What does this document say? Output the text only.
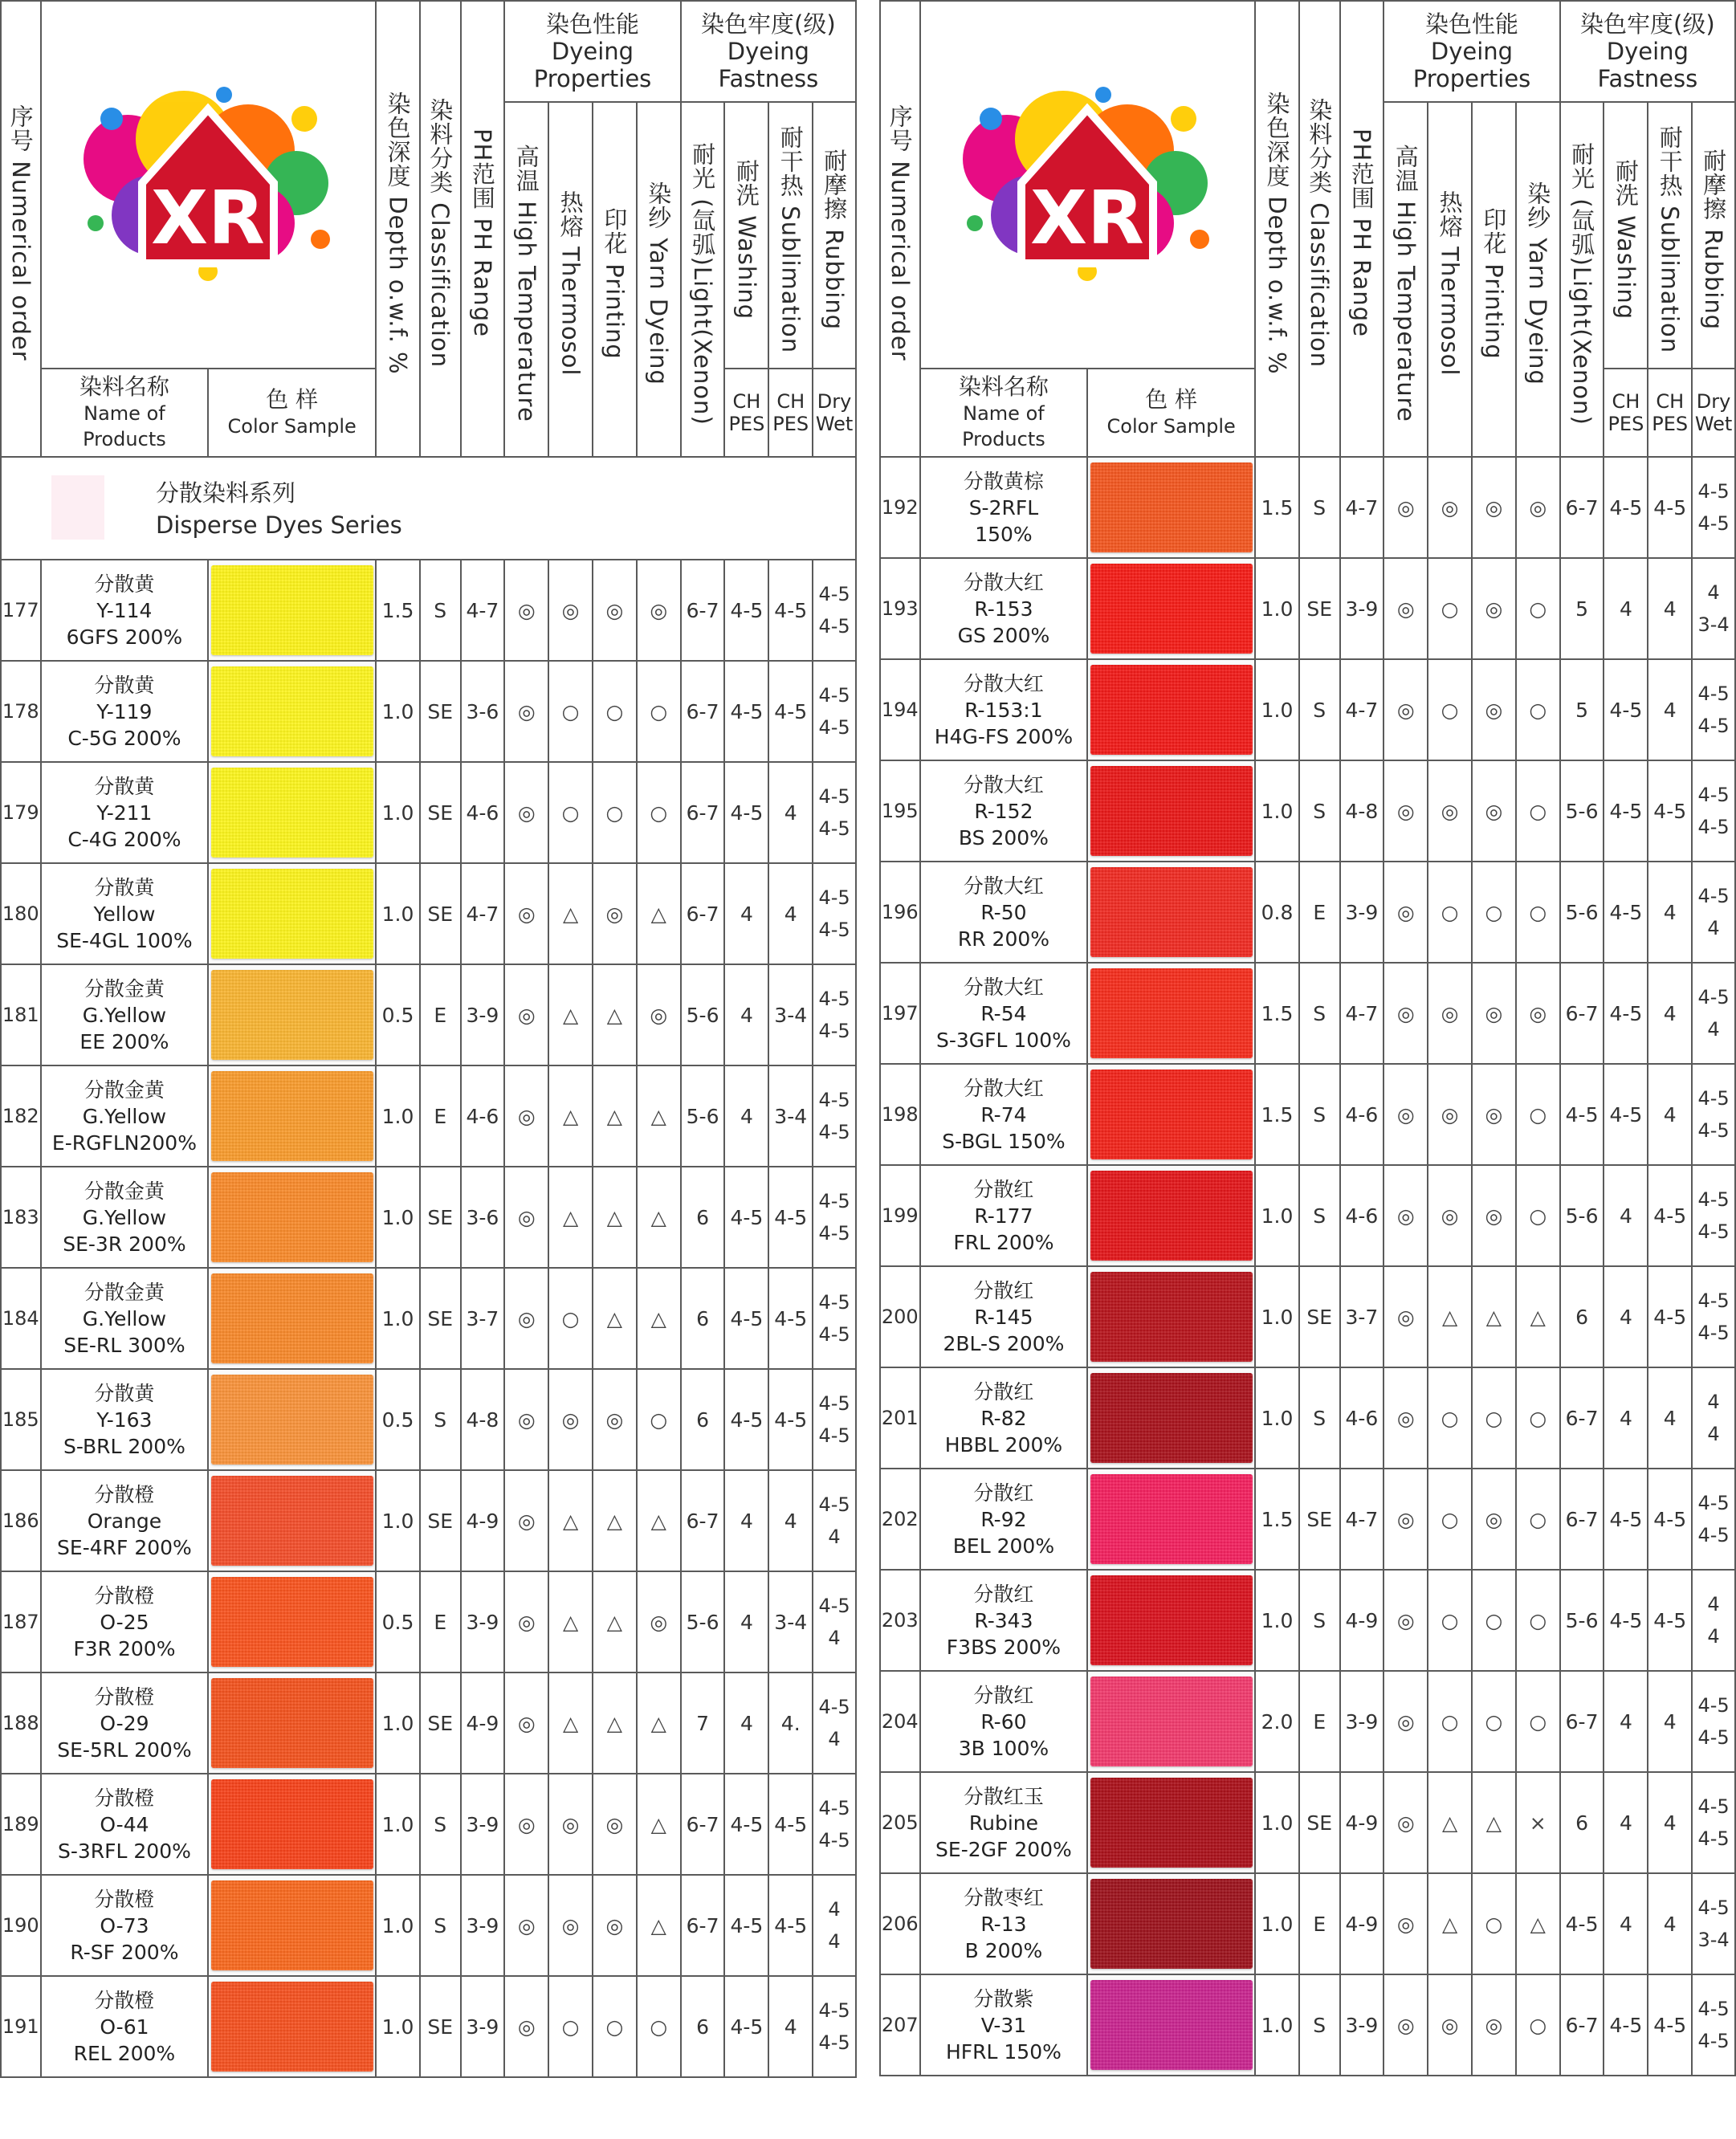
序号 Numerical order	XR		染色深度 Depth o.w.f. %	染料分类 Classification	PH范围 PH Range	染色性能
Dyeing
Properties				染色牢度(级)
Dyeing
Fastness			

						高温 High Temperature	热熔 Thermosol	印花 Printing	染纱 Yarn Dyeing	耐光 (氙弧)Light(Xenon)	耐洗 Washing	耐干热 Sublimation	耐摩擦 Rubbing

	染料名称
Name of Products	色 样
Color Sample									CH
PES	CH
PES	Dry
Wet

分散染料系列
Disperse Dyes Series													

177	分散黄
Y-114
6GFS 200%		1.5	S	4-7	◎	◎	◎	◎	6-7	4-5	4-5	4-5
4-5

178	分散黄
Y-119
C-5G 200%		1.0	SE	3-6	◎	○	○	○	6-7	4-5	4-5	4-5
4-5

179	分散黄
Y-211
C-4G 200%		1.0	SE	4-6	◎	○	○	○	6-7	4-5	4	4-5
4-5

180	分散黄
Yellow
SE-4GL 100%		1.0	SE	4-7	◎	△	◎	△	6-7	4	4	4-5
4-5

181	分散金黄
G.Yellow
EE 200%		0.5	E	3-9	◎	△	△	◎	5-6	4	3-4	4-5
4-5

182	分散金黄
G.Yellow
E-RGFLN200%		1.0	E	4-6	◎	△	△	△	5-6	4	3-4	4-5
4-5

183	分散金黄
G.Yellow
SE-3R 200%		1.0	SE	3-6	◎	△	△	△	6	4-5	4-5	4-5
4-5

184	分散金黄
G.Yellow
SE-RL 300%		1.0	SE	3-7	◎	○	△	△	6	4-5	4-5	4-5
4-5

185	分散黄
Y-163
S-BRL 200%		0.5	S	4-8	◎	◎	◎	○	6	4-5	4-5	4-5
4-5

186	分散橙
Orange
SE-4RF 200%		1.0	SE	4-9	◎	△	△	△	6-7	4	4	4-5
4

187	分散橙
O-25
F3R 200%		0.5	E	3-9	◎	△	△	◎	5-6	4	3-4	4-5
4

188	分散橙
O-29
SE-5RL 200%		1.0	SE	4-9	◎	△	△	△	7	4	4.	4-5
4

189	分散橙
O-44
S-3RFL 200%		1.0	S	3-9	◎	◎	◎	△	6-7	4-5	4-5	4-5
4-5

190	分散橙
O-73
R-SF 200%		1.0	S	3-9	◎	◎	◎	△	6-7	4-5	4-5	4
4

191	分散橙
O-61
REL 200%		1.0	SE	3-9	◎	○	○	○	6	4-5	4	4-5
4-5
序号 Numerical order	XR		染色深度 Depth o.w.f. %	染料分类 Classification	PH范围 PH Range	染色性能
Dyeing
Properties				染色牢度(级)
Dyeing
Fastness			

						高温 High Temperature	热熔 Thermosol	印花 Printing	染纱 Yarn Dyeing	耐光 (氙弧)Light(Xenon)	耐洗 Washing	耐干热 Sublimation	耐摩擦 Rubbing

	染料名称
Name of Products	色 样
Color Sample									CH
PES	CH
PES	Dry
Wet

192	分散黄棕
S-2RFL
150%		1.5	S	4-7	◎	◎	◎	◎	6-7	4-5	4-5	4-5
4-5

193	分散大红
R-153
GS 200%		1.0	SE	3-9	◎	○	◎	○	5	4	4	4
3-4

194	分散大红
R-153:1
H4G-FS 200%		1.0	S	4-7	◎	○	◎	○	5	4-5	4	4-5
4-5

195	分散大红
R-152
BS 200%		1.0	S	4-8	◎	◎	◎	○	5-6	4-5	4-5	4-5
4-5

196	分散大红
R-50
RR 200%		0.8	E	3-9	◎	○	○	○	5-6	4-5	4	4-5
4

197	分散大红
R-54
S-3GFL 100%		1.5	S	4-7	◎	◎	◎	◎	6-7	4-5	4	4-5
4

198	分散大红
R-74
S-BGL 150%		1.5	S	4-6	◎	◎	◎	○	4-5	4-5	4	4-5
4-5

199	分散红
R-177
FRL 200%		1.0	S	4-6	◎	◎	◎	○	5-6	4	4-5	4-5
4-5

200	分散红
R-145
2BL-S 200%		1.0	SE	3-7	◎	△	△	△	6	4	4-5	4-5
4-5

201	分散红
R-82
HBBL 200%		1.0	S	4-6	◎	○	○	○	6-7	4	4	4
4

202	分散红
R-92
BEL 200%		1.5	SE	4-7	◎	○	◎	○	6-7	4-5	4-5	4-5
4-5

203	分散红
R-343
F3BS 200%		1.0	S	4-9	◎	○	○	○	5-6	4-5	4-5	4
4

204	分散红
R-60
3B 100%		2.0	E	3-9	◎	○	○	○	6-7	4	4	4-5
4-5

205	分散红玉
Rubine
SE-2GF 200%		1.0	SE	4-9	◎	△	△	×	6	4	4	4-5
4-5

206	分散枣红
R-13
B 200%		1.0	E	4-9	◎	△	○	△	4-5	4	4	4-5
3-4

207	分散紫
V-31
HFRL 150%		1.0	S	3-9	◎	◎	◎	○	6-7	4-5	4-5	4-5
4-5
